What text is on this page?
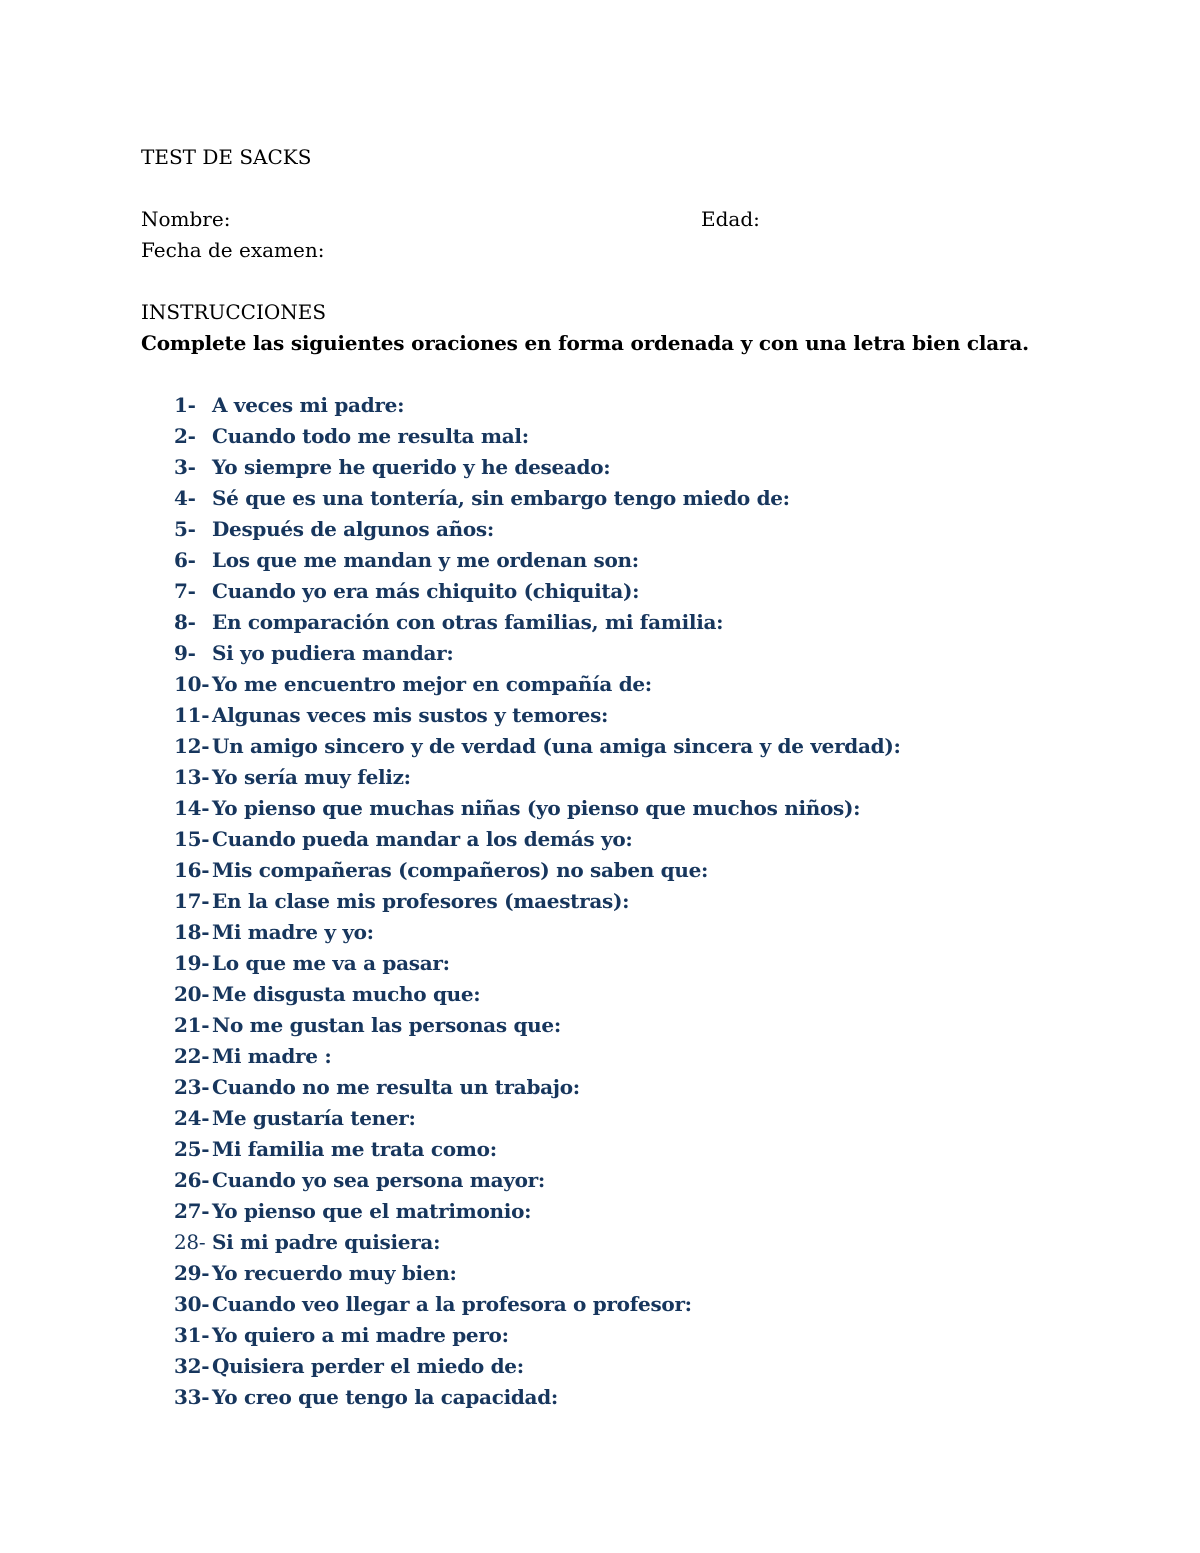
TEST DE SACKS
Nombre:	Edad:
Fecha de examen:
INSTRUCCIONES
Complete las siguientes oraciones en forma ordenada y con una letra bien clara.
1- A veces mi padre:
2- Cuando todo me resulta mal:
3- Yo siempre he querido y he deseado:
4- Sé que es una tontería, sin embargo tengo miedo de:
5- Después de algunos años:
6- Los que me mandan y me ordenan son:
7- Cuando yo era más chiquito (chiquita):
8- En comparación con otras familias, mi familia:
9- Si yo pudiera mandar:
10- Yo me encuentro mejor en compañía de:
11- Algunas veces mis sustos y temores:
12- Un amigo sincero y de verdad (una amiga sincera y de verdad):
13- Yo sería muy feliz:
14- Yo pienso que muchas niñas (yo pienso que muchos niños):
15- Cuando pueda mandar a los demás yo:
16- Mis compañeras (compañeros) no saben que:
17- En la clase mis profesores (maestras):
18- Mi madre y yo:
19- Lo que me va a pasar:
20- Me disgusta mucho que:
21- No me gustan las personas que:
22- Mi madre :
23- Cuando no me resulta un trabajo:
24- Me gustaría tener:
25- Mi familia me trata como:
26- Cuando yo sea persona mayor:
27- Yo pienso que el matrimonio:
28- Si mi padre quisiera:
29- Yo recuerdo muy bien:
30- Cuando veo llegar a la profesora o profesor:
31- Yo quiero a mi madre pero:
32- Quisiera perder el miedo de:
33- Yo creo que tengo la capacidad:
